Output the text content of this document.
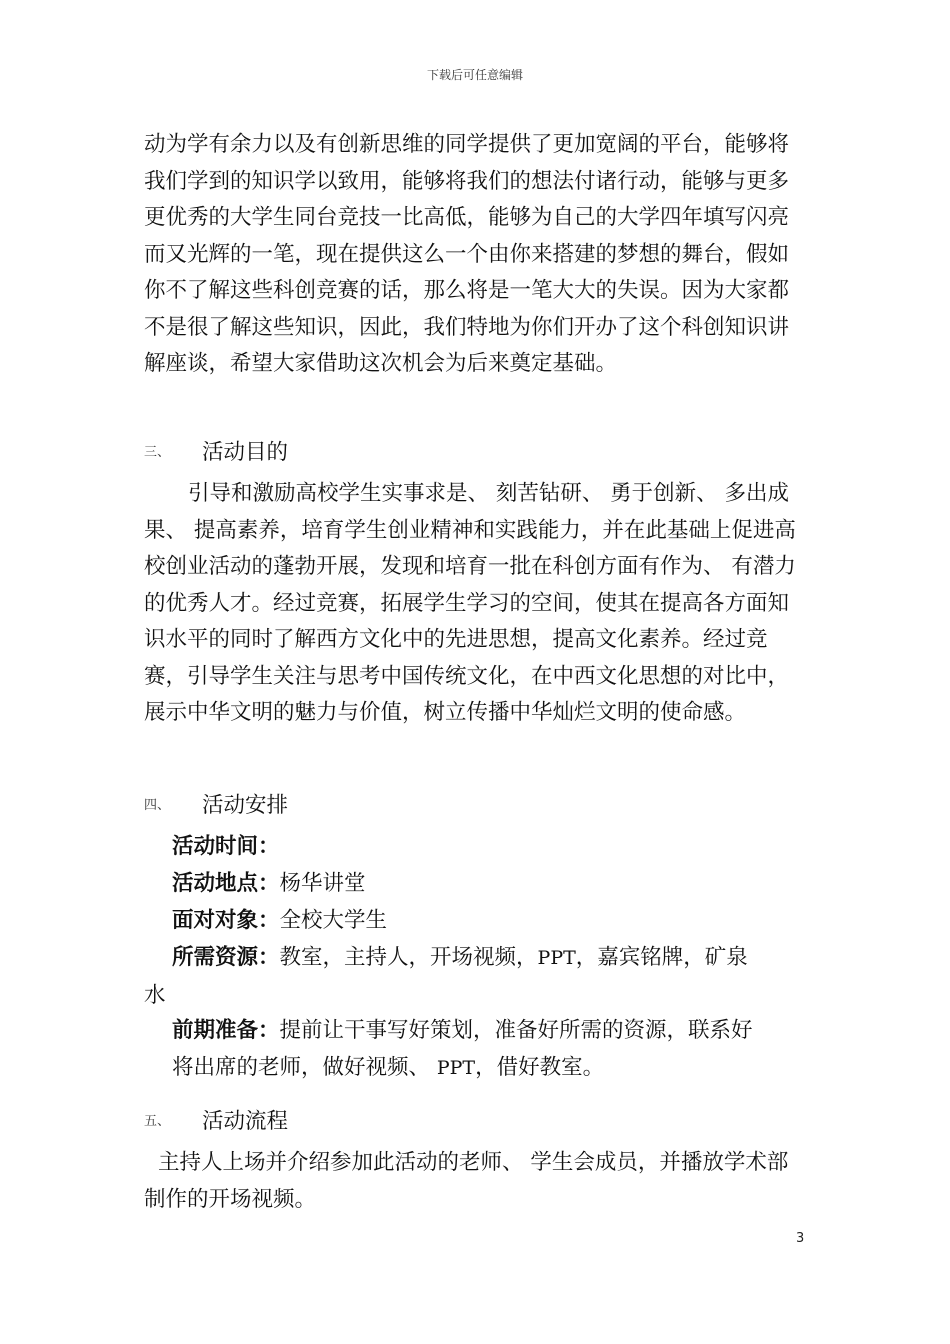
下载后可任意编辑
动为学有余力以及有创新思维的同学提供了更加宽阔的平台，能够将我们学到的知识学以致用，能够将我们的想法付诸行动，能够与更多更优秀的大学生同台竞技一比高低，能够为自己的大学四年填写闪亮而又光辉的一笔，现在提供这么一个由你来搭建的梦想的舞台，假如你不了解这些科创竞赛的话，那么将是一笔大大的失误。因为大家都不是很了解这些知识，因此，我们特地为你们开办了这个科创知识讲解座谈，希望大家借助这次机会为后来奠定基础。
三、 活动目的
引导和激励高校学生实事求是、 刻苦钻研、 勇于创新、 多出成果、 提高素养，培育学生创业精神和实践能力，并在此基础上促进高校创业活动的蓬勃开展，发现和培育一批在科创方面有作为、 有潜力的优秀人才。经过竞赛，拓展学生学习的空间，使其在提高各方面知识水平的同时了解西方文化中的先进思想，提高文化素养。经过竞赛，引导学生关注与思考中国传统文化，在中西文化思想的对比中，展示中华文明的魅力与价值，树立传播中华灿烂文明的使命感。
四、 活动安排
活动时间：
活动地点：杨华讲堂
面对对象：全校大学生
所需资源：教室，主持人，开场视频，PPT，嘉宾铭牌，矿泉
水
前期准备：提前让干事写好策划，准备好所需的资源，联系好
将出席的老师，做好视频、 PPT，借好教室。
五、 活动流程
主持人上场并介绍参加此活动的老师、 学生会成员，并播放学术部制作的开场视频。
3
